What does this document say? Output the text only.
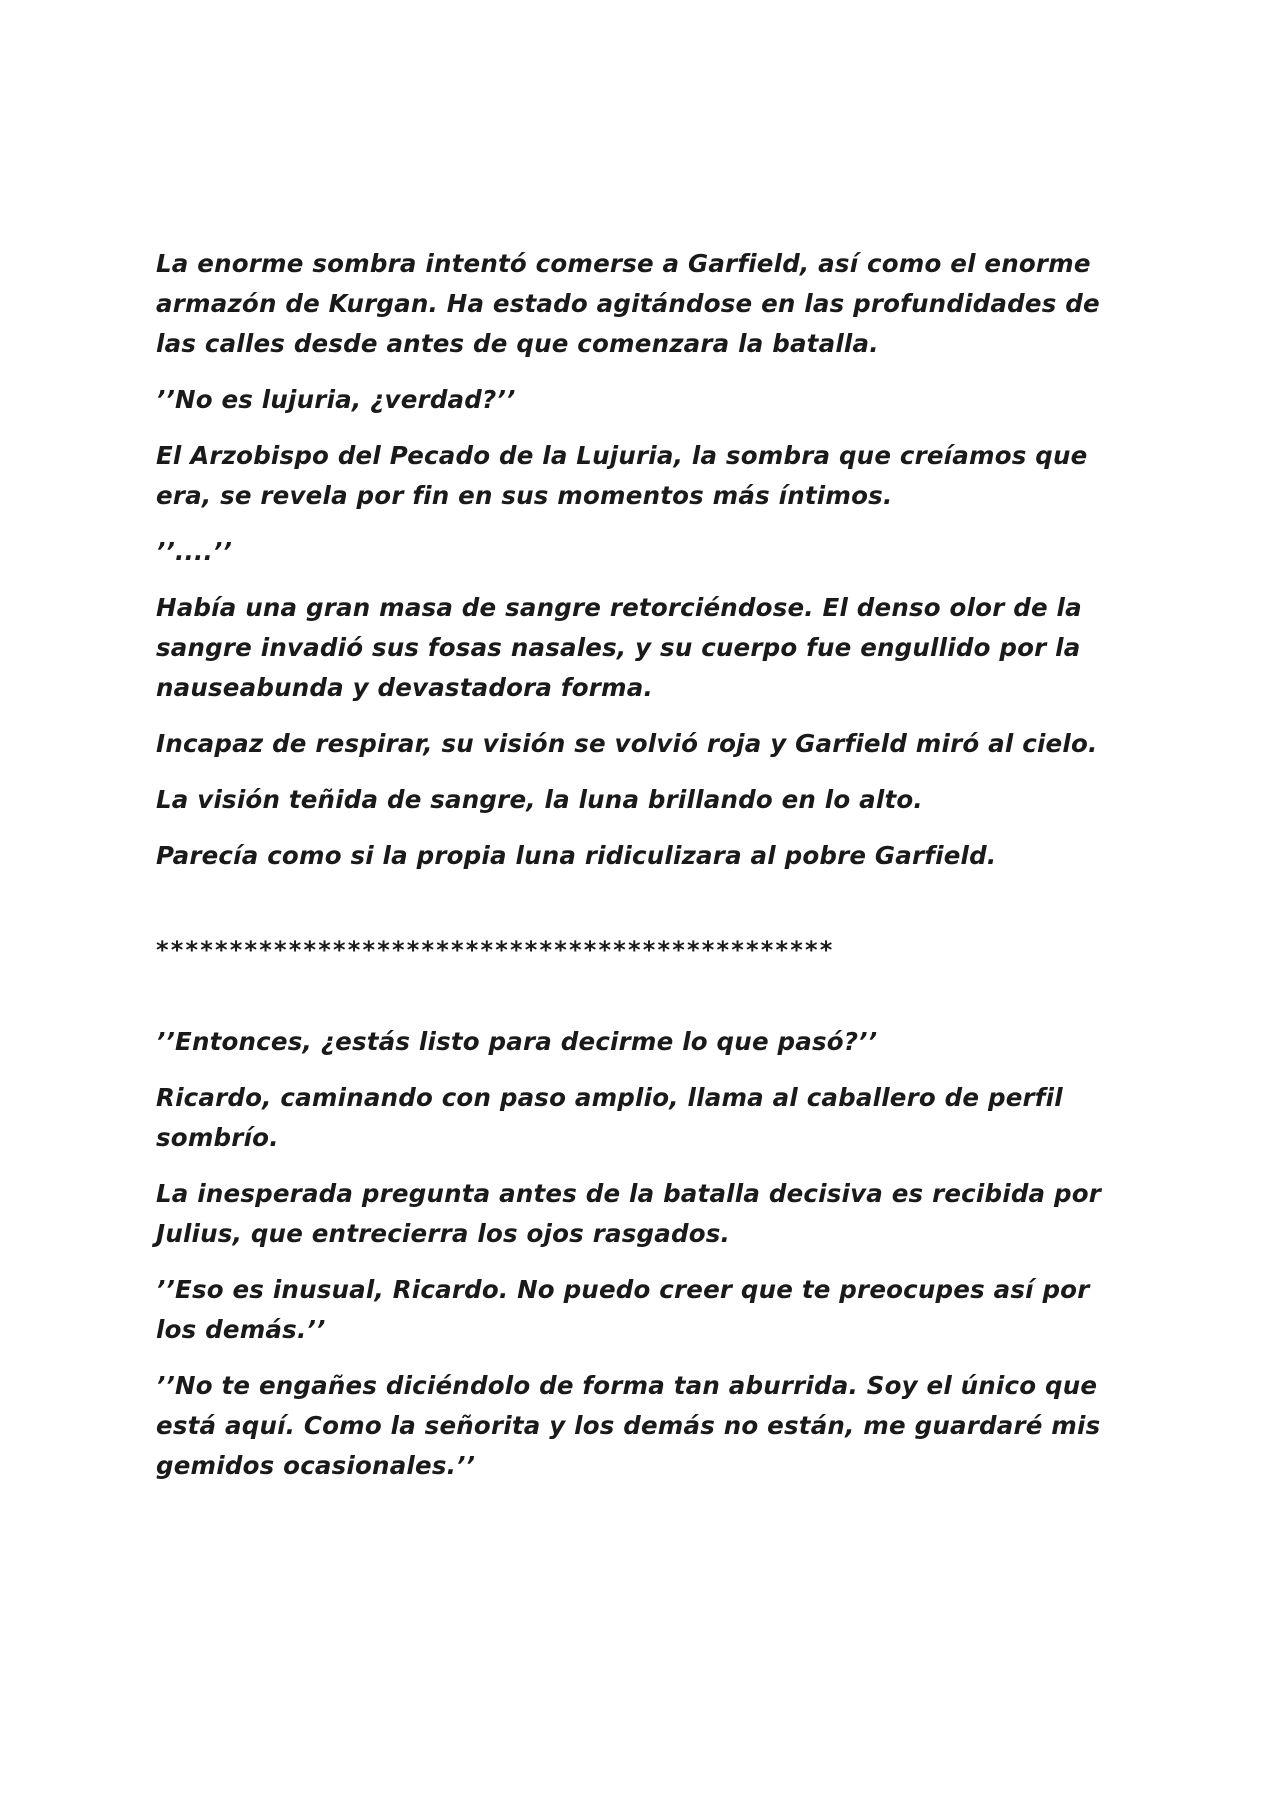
La enorme sombra intentó comerse a Garfield, así como el enorme armazón de Kurgan. Ha estado agitándose en las profundidades de las calles desde antes de que comenzara la batalla.

’’No es lujuria, ¿verdad?’’

El Arzobispo del Pecado de la Lujuria, la sombra que creíamos que era, se revela por fin en sus momentos más íntimos.

’’....’’

Había una gran masa de sangre retorciéndose. El denso olor de la sangre invadió sus fosas nasales, y su cuerpo fue engullido por la nauseabunda y devastadora forma.

Incapaz de respirar, su visión se volvió roja y Garfield miró al cielo.

La visión teñida de sangre, la luna brillando en lo alto.

Parecía como si la propia luna ridiculizara al pobre Garfield.

**********************************************

’’Entonces, ¿estás listo para decirme lo que pasó?’’

Ricardo, caminando con paso amplio, llama al caballero de perfil sombrío.

La inesperada pregunta antes de la batalla decisiva es recibida por Julius, que entrecierra los ojos rasgados.

’’Eso es inusual, Ricardo. No puedo creer que te preocupes así por los demás.’’

’’No te engañes diciéndolo de forma tan aburrida. Soy el único que está aquí. Como la señorita y los demás no están, me guardaré mis gemidos ocasionales.’’
